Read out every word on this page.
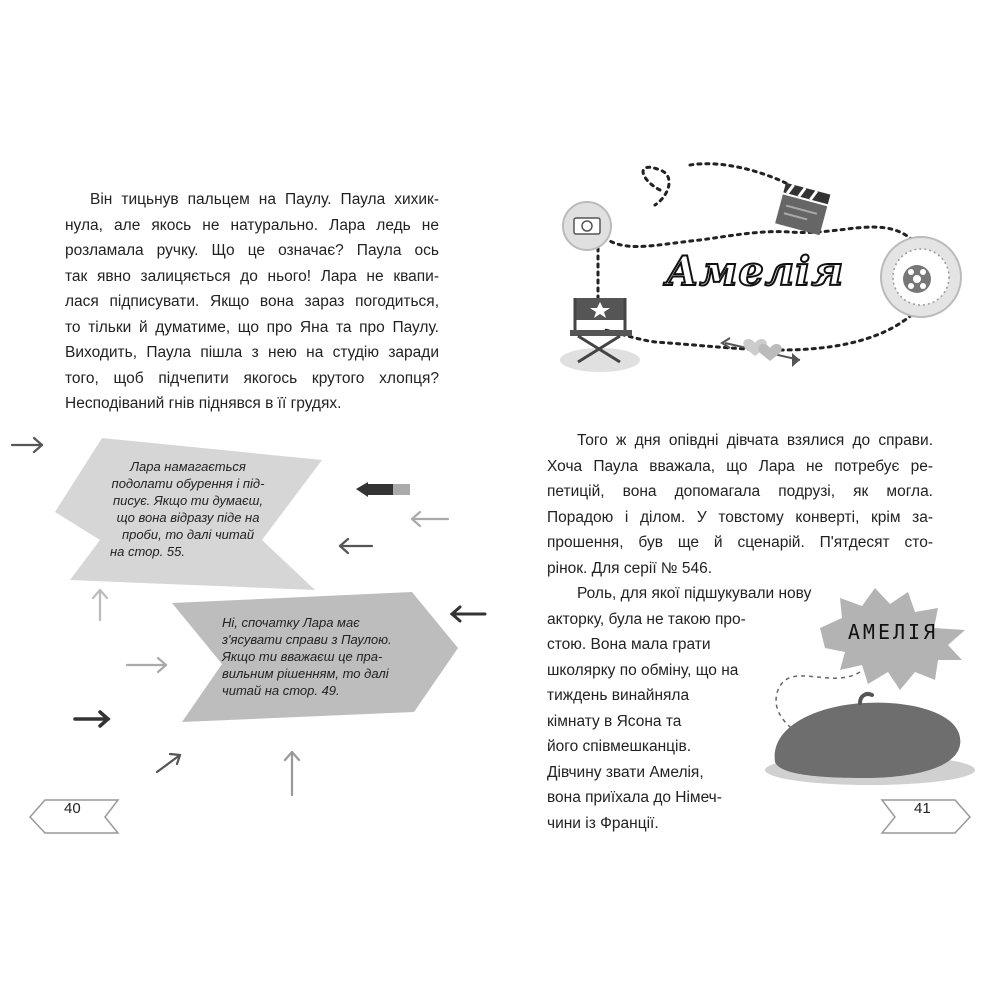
Він тицьнув пальцем на Паулу. Паула хихик-
нула, але якось не натурально. Лара ледь не
розламала ручку. Що це означає? Паула ось
так явно залицяється до нього! Лара не квапи-
лася підписувати. Якщо вона зараз погодиться,
то тільки й думатиме, що про Яна та про Паулу.
Виходить, Паула пішла з нею на студію заради
того, щоб підчепити якогось крутого хлопця?
Несподіваний гнів піднявся в її грудях.

Лара намагається
подолати обурення і під-
писує. Якщо ти думаєш,
що вона відразу піде на
проби, то далі читай
на стор. 55.

Ні, спочатку Лара має
з'ясувати справи з Паулою.
Якщо ти вважаєш це пра-
вильним рішенням, то далі
читай на стор. 49.

40
Амелія
АМЕЛІЯ
Того ж дня опівдні дівчата взялися до справи.
Хоча Паула вважала, що Лара не потребує ре-
петицій, вона допомагала подрузі, як могла.
Порадою і ділом. У товстому конверті, крім за-
прошення, був ще й сценарій. П'ятдесят сто-
рінок. Для серії № 546.
Роль, для якої підшукували нову
акторку, була не такою про-
стою. Вона мала грати
школярку по обміну, що на
тиждень винайняла
кімнату в Ясона та
його співмешканців.
Дівчину звати Амелія,
вона приїхала до Німеч-
чини із Франції.
41
